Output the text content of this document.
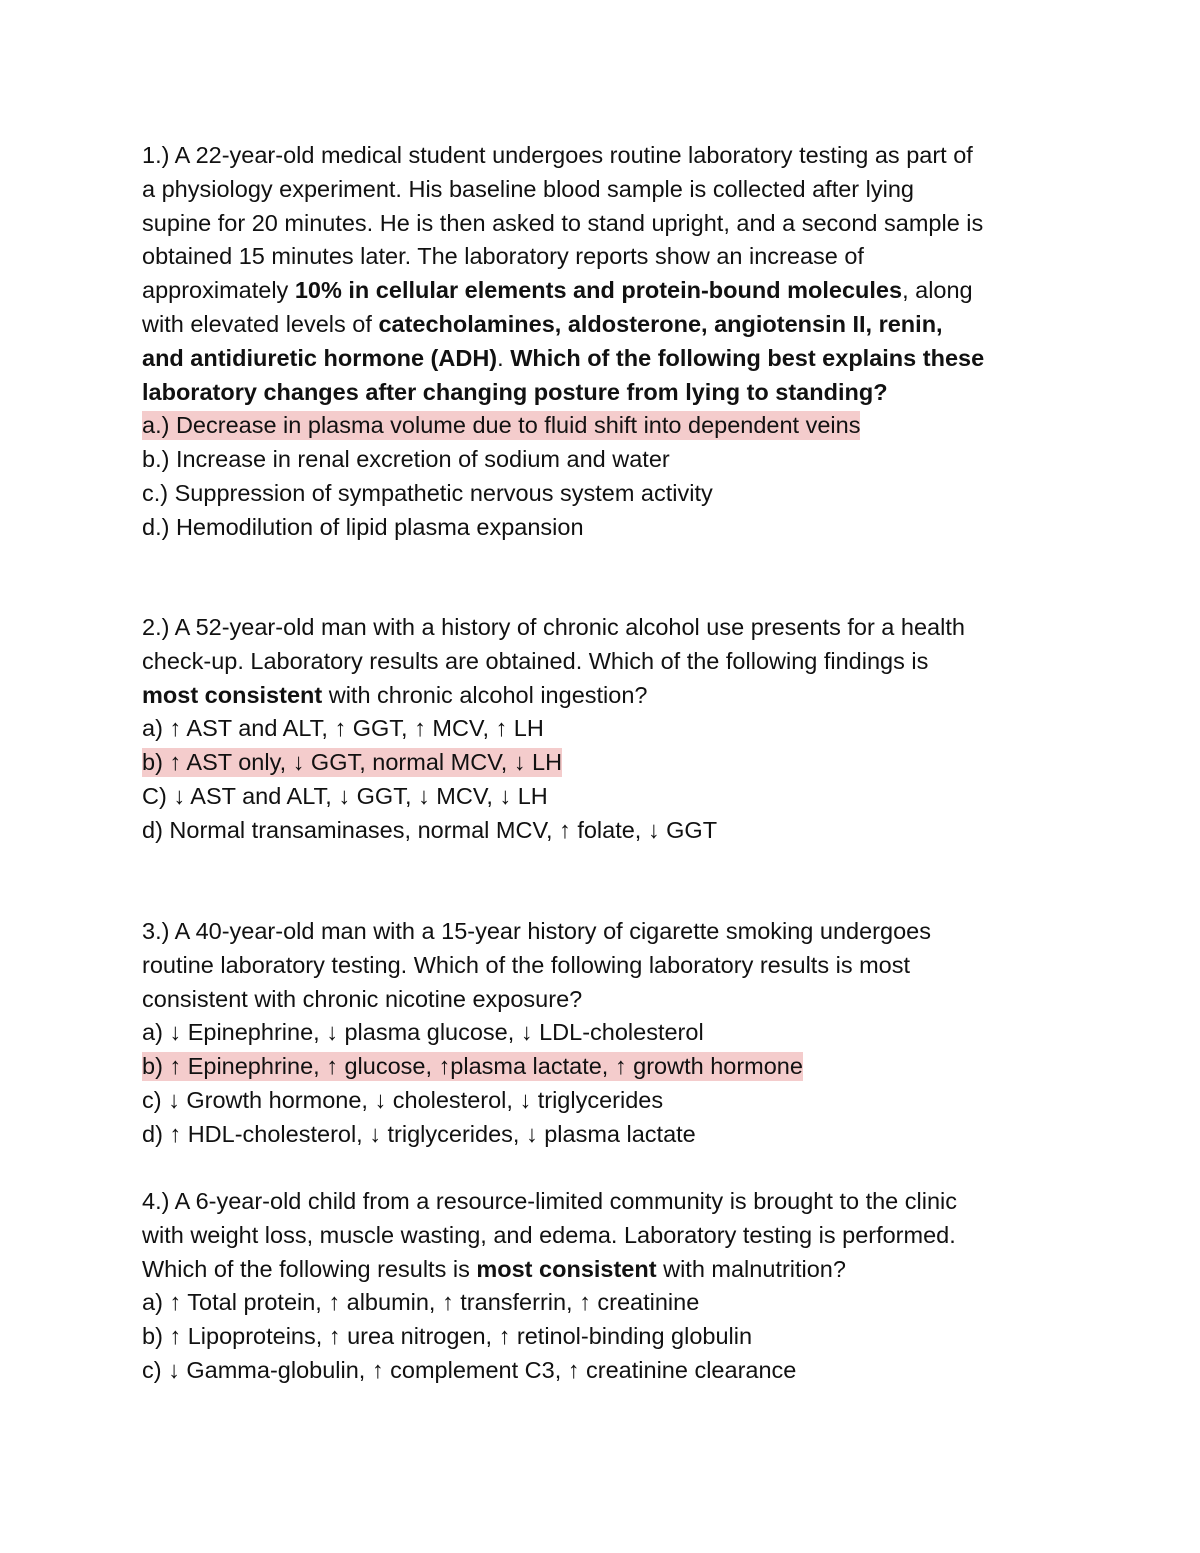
1.) A 22-year-old medical student undergoes routine laboratory testing as part of
a physiology experiment. His baseline blood sample is collected after lying
supine for 20 minutes. He is then asked to stand upright, and a second sample is
obtained 15 minutes later. The laboratory reports show an increase of
approximately 10% in cellular elements and protein-bound molecules, along
with elevated levels of catecholamines, aldosterone, angiotensin II, renin,
and antidiuretic hormone (ADH). Which of the following best explains these
laboratory changes after changing posture from lying to standing?
a.) Decrease in plasma volume due to fluid shift into dependent veins
b.) Increase in renal excretion of sodium and water
c.) Suppression of sympathetic nervous system activity
d.) Hemodilution of lipid plasma expansion
2.) A 52-year-old man with a history of chronic alcohol use presents for a health
check-up. Laboratory results are obtained. Which of the following findings is
most consistent with chronic alcohol ingestion?
a) ↑ AST and ALT, ↑ GGT, ↑ MCV, ↑ LH
b) ↑ AST only, ↓ GGT, normal MCV, ↓ LH
C) ↓ AST and ALT, ↓ GGT, ↓ MCV, ↓ LH
d) Normal transaminases, normal MCV, ↑ folate, ↓ GGT
3.) A 40-year-old man with a 15-year history of cigarette smoking undergoes
routine laboratory testing. Which of the following laboratory results is most
consistent with chronic nicotine exposure?
a) ↓ Epinephrine, ↓ plasma glucose, ↓ LDL-cholesterol
b) ↑ Epinephrine, ↑ glucose, ↑plasma lactate, ↑ growth hormone
c) ↓ Growth hormone, ↓ cholesterol, ↓ triglycerides
d) ↑ HDL-cholesterol, ↓ triglycerides, ↓ plasma lactate
4.) A 6-year-old child from a resource-limited community is brought to the clinic
with weight loss, muscle wasting, and edema. Laboratory testing is performed.
Which of the following results is most consistent with malnutrition?
a) ↑ Total protein, ↑ albumin, ↑ transferrin, ↑ creatinine
b) ↑ Lipoproteins, ↑ urea nitrogen, ↑ retinol-binding globulin
c) ↓ Gamma-globulin, ↑ complement C3, ↑ creatinine clearance
